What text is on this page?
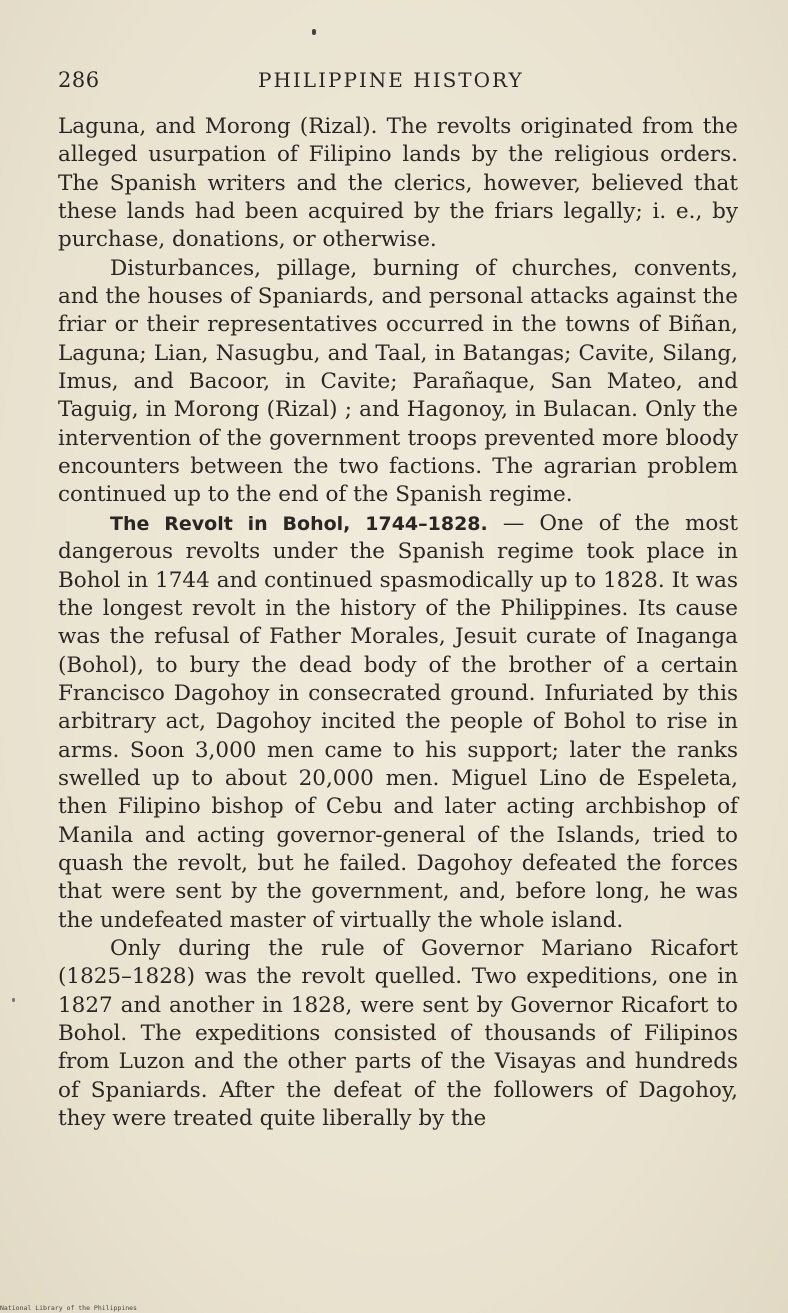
286	PHILIPPINE HISTORY

Laguna, and Morong (Rizal). The revolts originated from the alleged usurpation of Filipino lands by the religious orders. The Spanish writers and the clerics, however, believed that these lands had been acquired by the friars legally; i. e., by purchase, donations, or otherwise.

Disturbances, pillage, burning of churches, convents, and the houses of Spaniards, and personal attacks against the friar or their representatives occurred in the towns of Biñan, Laguna; Lian, Nasugbu, and Taal, in Batangas; Cavite, Silang, Imus, and Bacoor, in Cavite; Parañaque, San Mateo, and Taguig, in Morong (Rizal) ; and Hagonoy, in Bulacan. Only the intervention of the government troops prevented more bloody encounters between the two factions. The agrarian problem continued up to the end of the Spanish regime.

The Revolt in Bohol, 1744–1828. — One of the most dangerous revolts under the Spanish regime took place in Bohol in 1744 and continued spasmodically up to 1828. It was the longest revolt in the history of the Philippines. Its cause was the refusal of Father Morales, Jesuit curate of Inaganga (Bohol), to bury the dead body of the brother of a certain Francisco Dagohoy in consecrated ground. Infuriated by this arbitrary act, Dagohoy incited the people of Bohol to rise in arms. Soon 3,000 men came to his support; later the ranks swelled up to about 20,000 men. Miguel Lino de Espeleta, then Filipino bishop of Cebu and later acting archbishop of Manila and acting governor-general of the Islands, tried to quash the revolt, but he failed. Dagohoy defeated the forces that were sent by the government, and, before long, he was the undefeated master of virtually the whole island.

Only during the rule of Governor Mariano Ricafort (1825–1828) was the revolt quelled. Two expeditions, one in 1827 and another in 1828, were sent by Governor Ricafort to Bohol. The expeditions consisted of thousands of Filipinos from Luzon and the other parts of the Visayas and hundreds of Spaniards. After the defeat of the followers of Dagohoy, they were treated quite liberally by the

National Library of the Philippines
